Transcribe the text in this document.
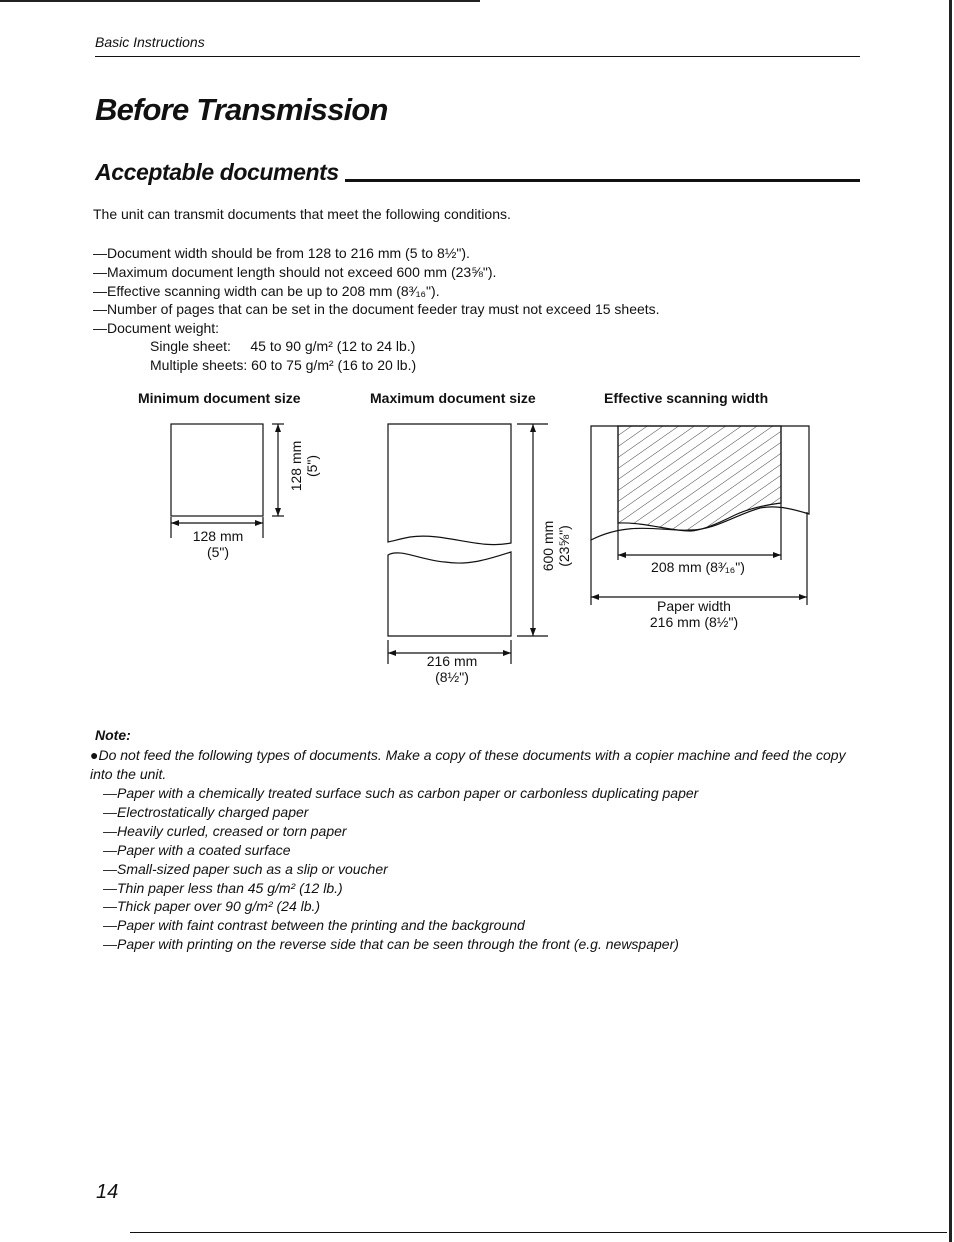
Basic Instructions
Before Transmission
Acceptable documents
The unit can transmit documents that meet the following conditions.
—Document width should be from 128 to 216 mm (5 to 8½").
—Maximum document length should not exceed 600 mm (23⅝").
—Effective scanning width can be up to 208 mm (8³⁄₁₆").
—Number of pages that can be set in the document feeder tray must not exceed 15 sheets.
—Document weight:
Single sheet:     45 to 90 g/m² (12 to 24 lb.)
Multiple sheets: 60 to 75 g/m² (16 to 20 lb.)
Minimum document size	Maximum document size	Effective scanning width
128 mm
(5")
128 mm (5")
216 mm
(8½")
600 mm (23⅝")
208 mm (8³⁄₁₆")
Paper width
216 mm (8½")
Note:
●Do not feed the following types of documents. Make a copy of these documents with a copier machine and feed the copy into the unit.
—Paper with a chemically treated surface such as carbon paper or carbonless duplicating paper
—Electrostatically charged paper
—Heavily curled, creased or torn paper
—Paper with a coated surface
—Small-sized paper such as a slip or voucher
—Thin paper less than 45 g/m² (12 lb.)
—Thick paper over 90 g/m² (24 lb.)
—Paper with faint contrast between the printing and the background
—Paper with printing on the reverse side that can be seen through the front (e.g. newspaper)
14
